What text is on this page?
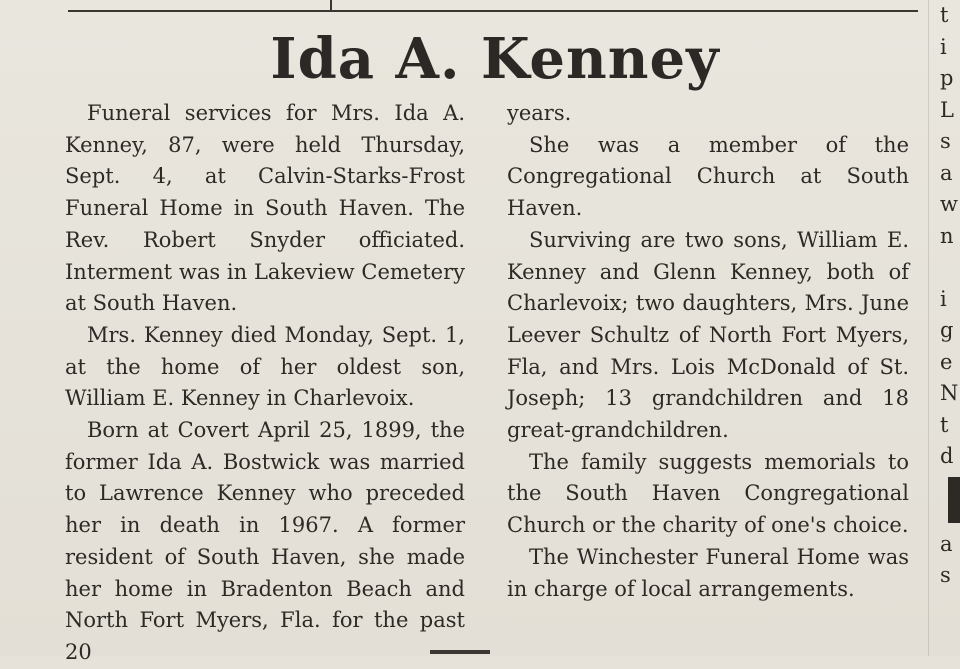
Ida A. Kenney

Funeral services for Mrs. Ida A. Kenney, 87, were held Thursday, Sept. 4, at Calvin-Starks-Frost Funeral Home in South Haven. The Rev. Robert Snyder officiated. Interment was in Lakeview Cemetery at South Haven.

Mrs. Kenney died Monday, Sept. 1, at the home of her oldest son, William E. Kenney in Charlevoix.

Born at Covert April 25, 1899, the former Ida A. Bostwick was married to Lawrence Kenney who preceded her in death in 1967. A former resident of South Haven, she made her home in Bradenton Beach and North Fort Myers, Fla. for the past 20

years.

She was a member of the Congregational Church at South Haven.

Surviving are two sons, William E. Kenney and Glenn Kenney, both of Charlevoix; two daughters, Mrs. June Leever Schultz of North Fort Myers, Fla, and Mrs. Lois McDonald of St. Joseph; 13 grandchildren and 18 great-grandchildren.

The family suggests memorials to the South Haven Congregational Church or the charity of one's choice.

The Winchester Funeral Home was in charge of local arrangements.

t
i
p
L
s
a
w
n
i
g
e
N
t
d
a
s
